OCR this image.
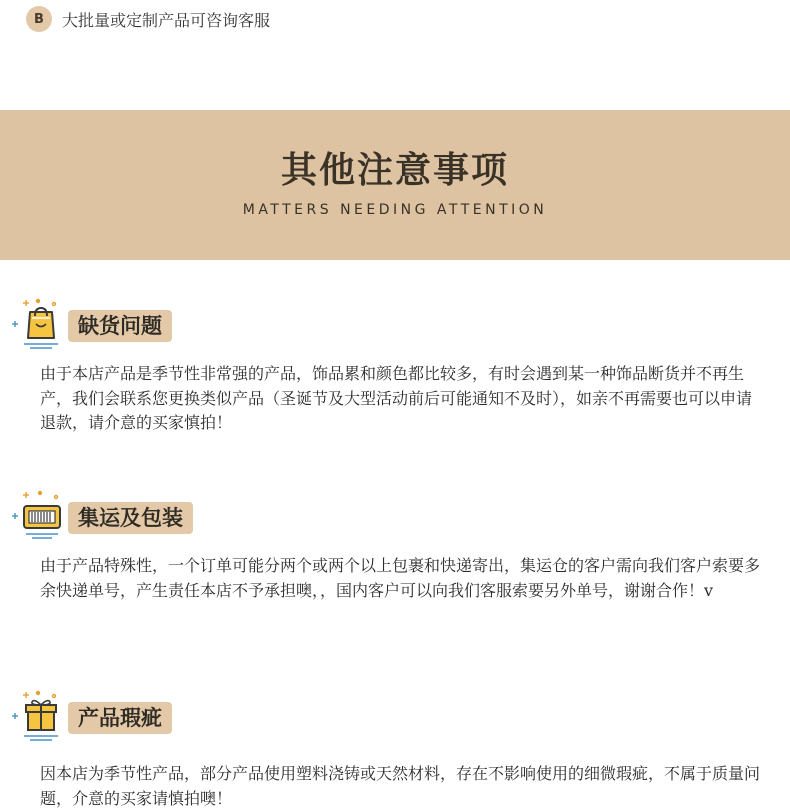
B	大批量或定制产品可咨询客服
其他注意事项
MATTERS NEEDING ATTENTION
缺货问题
由于本店产品是季节性非常强的产品，饰品累和颜色都比较多，有时会遇到某一种饰品断货并不再生产，我们会联系您更换类似产品（圣诞节及大型活动前后可能通知不及时），如亲不再需要也可以申请退款，请介意的买家慎拍！
集运及包装
由于产品特殊性，一个订单可能分两个或两个以上包裹和快递寄出，集运仓的客户需向我们客户索要多余快递单号，产生责任本店不予承担噢，，国内客户可以向我们客服索要另外单号，谢谢合作！v
产品瑕疵
因本店为季节性产品，部分产品使用塑料浇铸或天然材料，存在不影响使用的细微瑕疵，不属于质量问题，介意的买家请慎拍噢！
